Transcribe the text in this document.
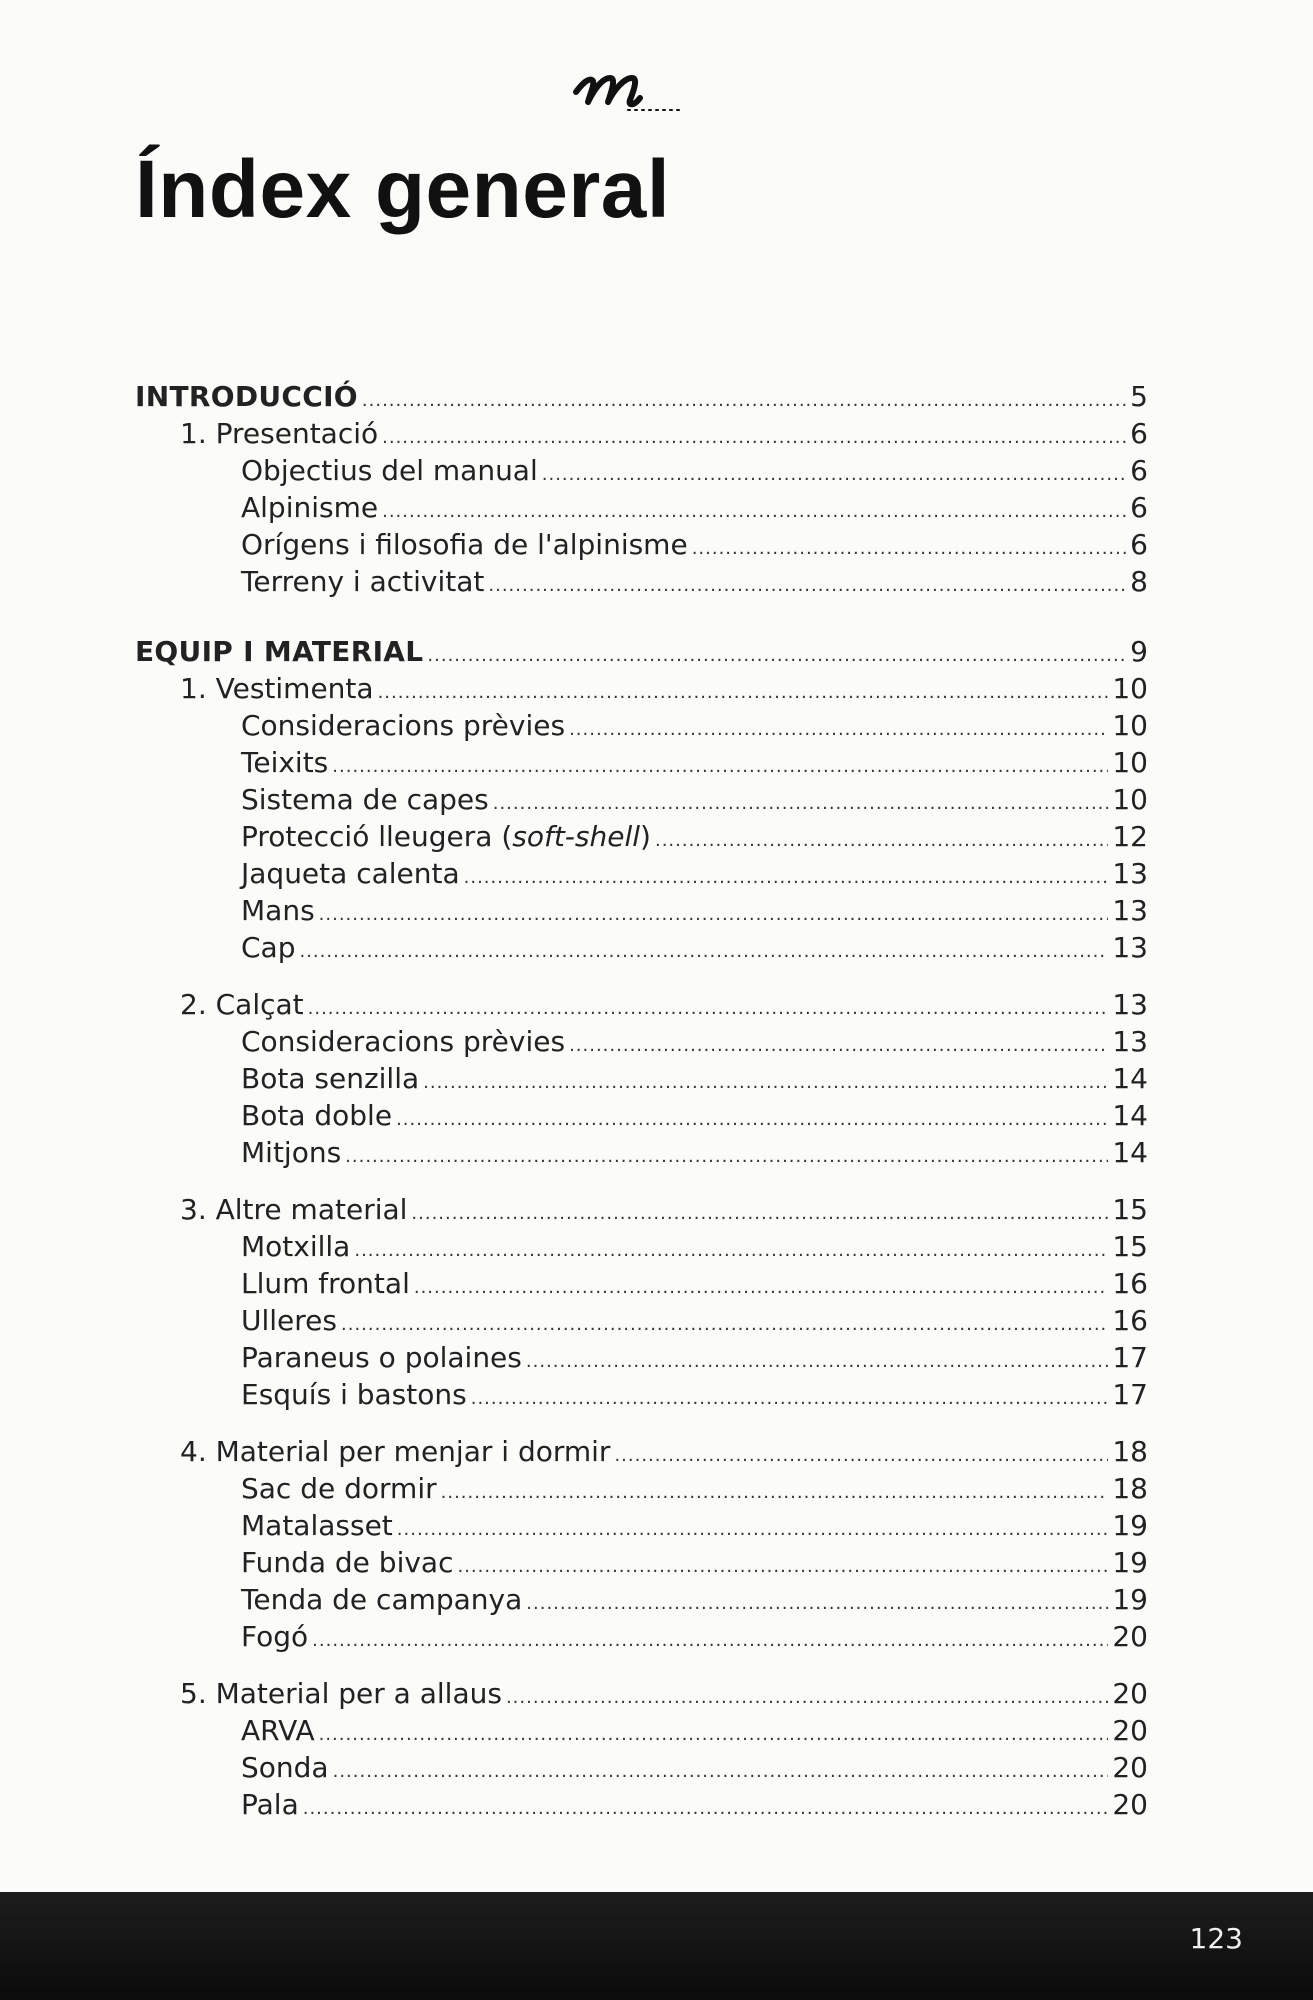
Índex general
INTRODUCCIÓ .....	5
1. Presentació .....	6
Objectius del manual .....	6
Alpinisme .....	6
Orígens i filosofia de l'alpinisme .....	6
Terreny i activitat .....	8
EQUIP I MATERIAL .....	9
1. Vestimenta .....	10
Consideracions prèvies .....	10
Teixits .....	10
Sistema de capes .....	10
Protecció lleugera (soft-shell) .....	12
Jaqueta calenta .....	13
Mans .....	13
Cap .....	13
2. Calçat .....	13
Consideracions prèvies .....	13
Bota senzilla .....	14
Bota doble .....	14
Mitjons .....	14
3. Altre material .....	15
Motxilla .....	15
Llum frontal .....	16
Ulleres .....	16
Paraneus o polaines .....	17
Esquís i bastons .....	17
4. Material per menjar i dormir .....	18
Sac de dormir .....	18
Matalasset .....	19
Funda de bivac .....	19
Tenda de campanya .....	19
Fogó .....	20
5. Material per a allaus .....	20
ARVA .....	20
Sonda .....	20
Pala .....	20
123
